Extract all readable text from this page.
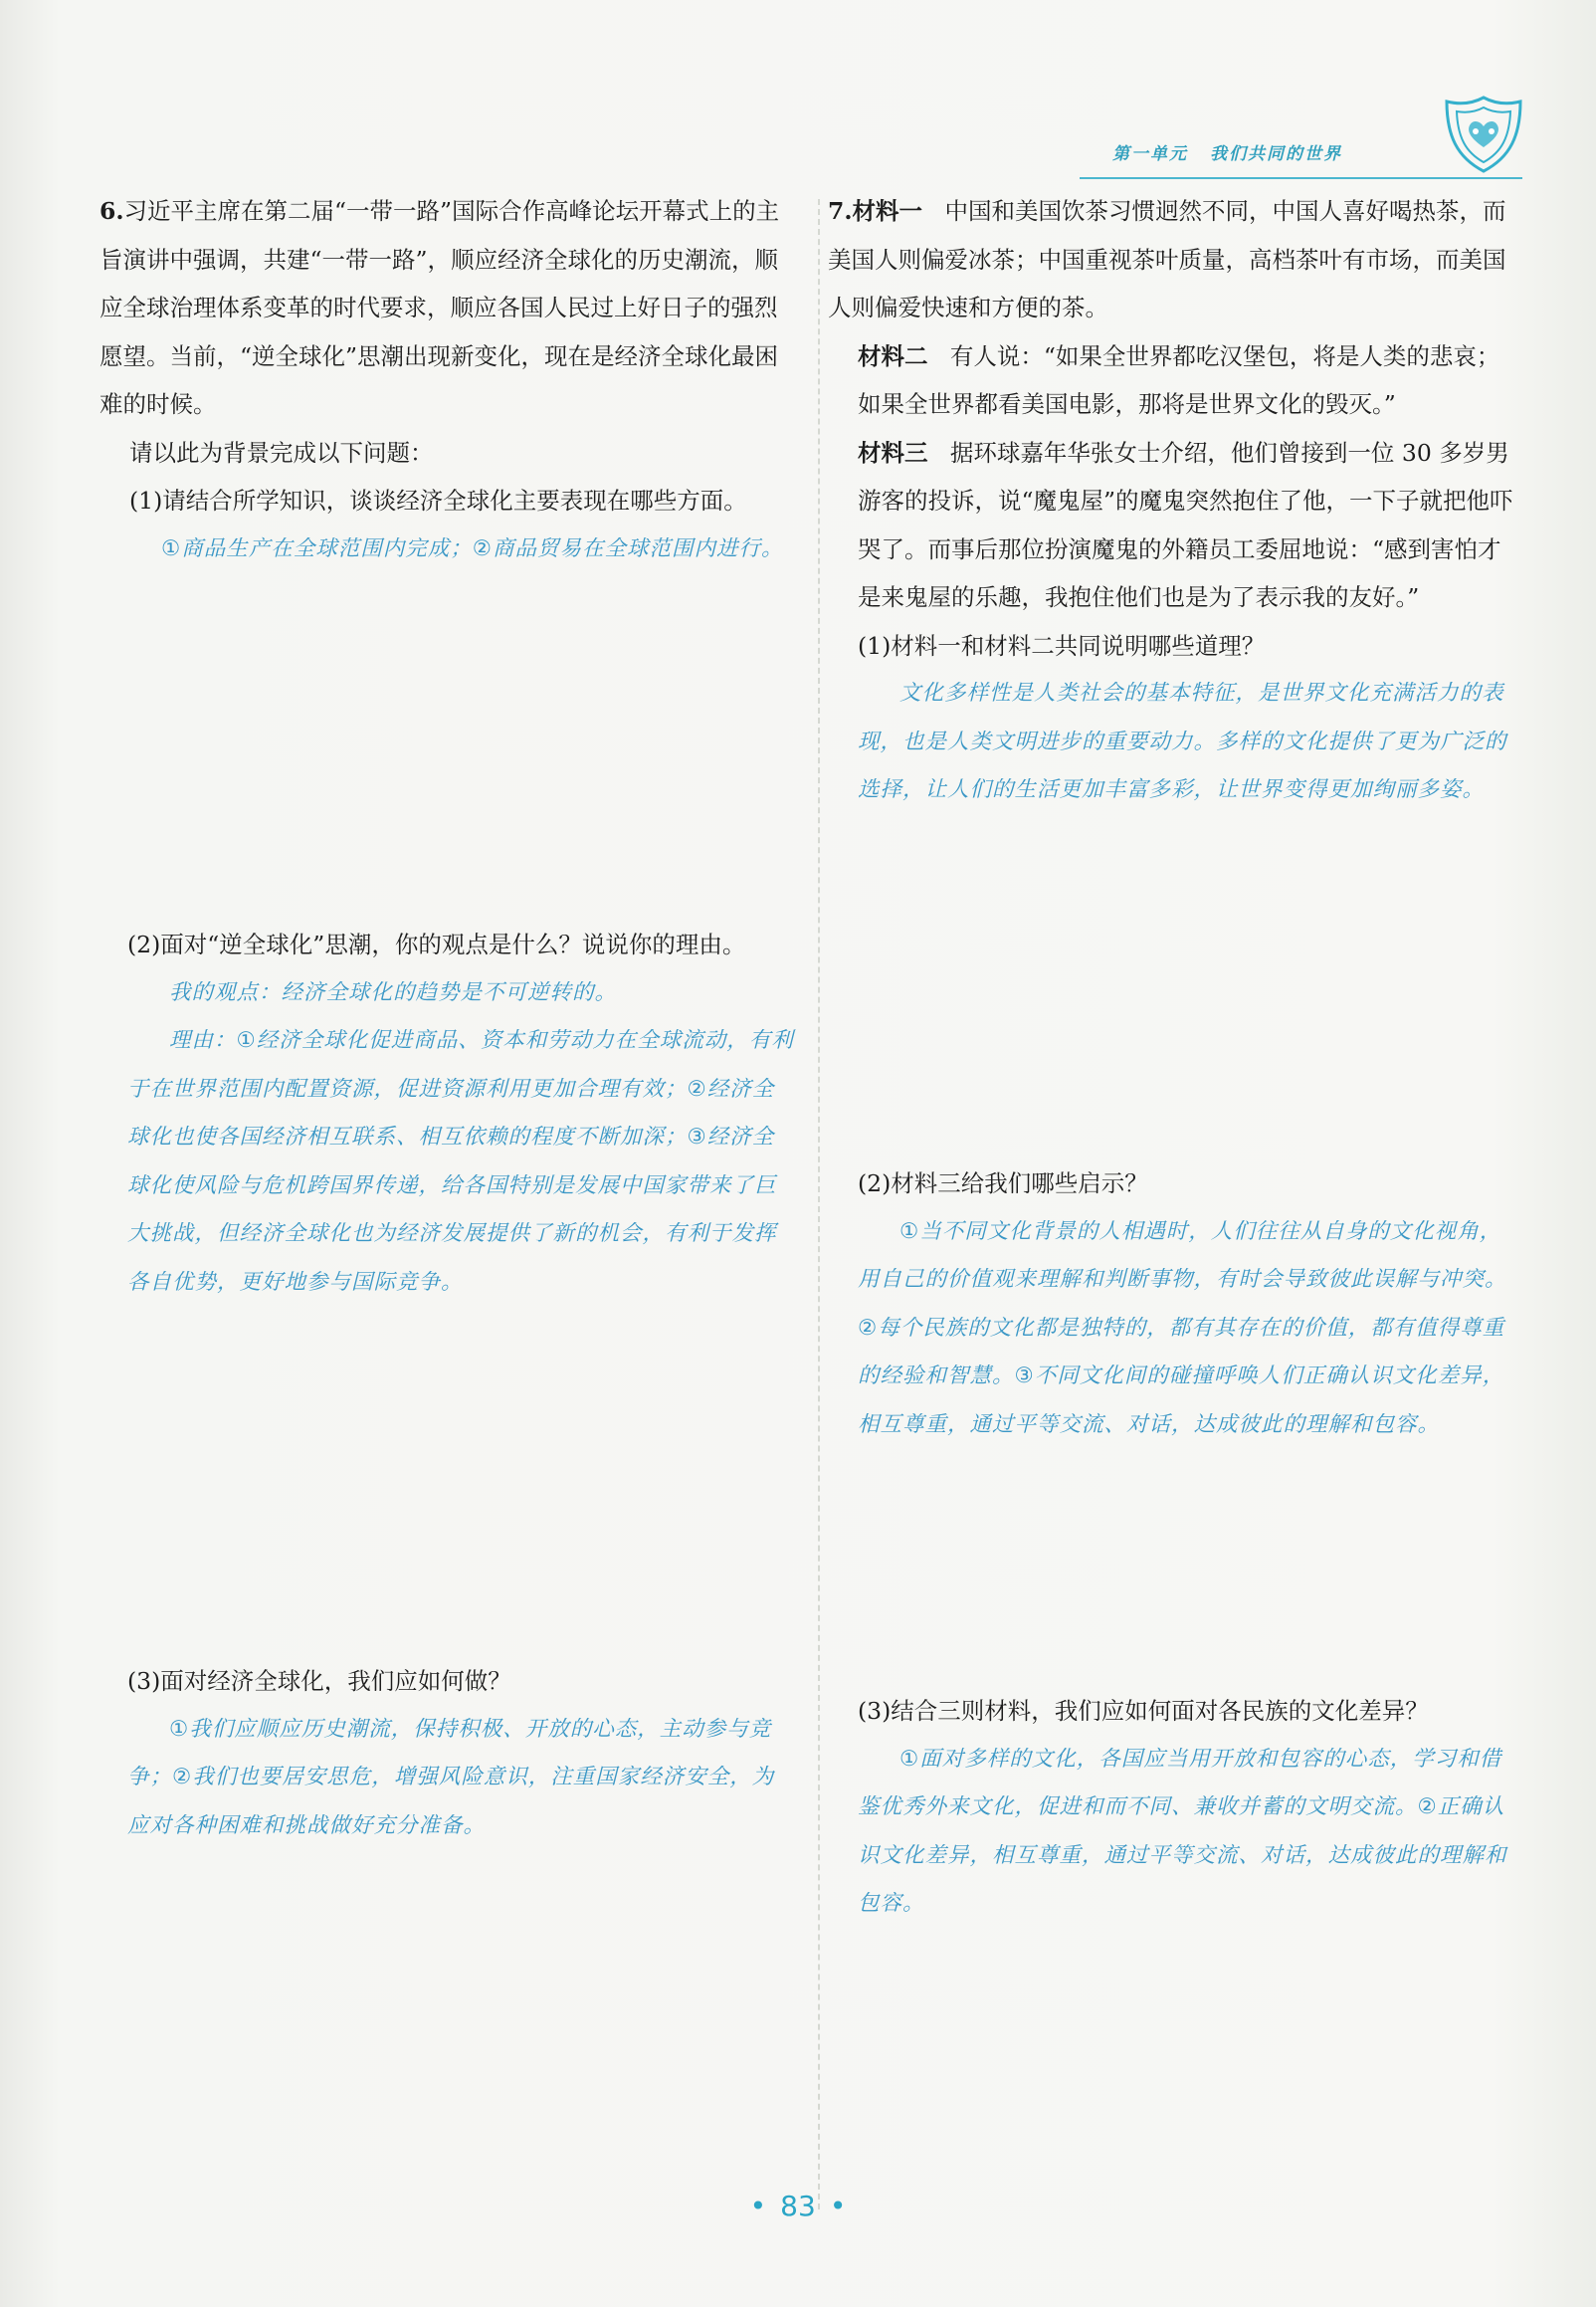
第一单元 我们共同的世界

6.习近平主席在第二届“一带一路”国际合作高峰论坛开幕式上的主旨演讲中强调，共建“一带一路”，顺应经济全球化的历史潮流，顺应全球治理体系变革的时代要求，顺应各国人民过上好日子的强烈愿望。当前，“逆全球化”思潮出现新变化，现在是经济全球化最困难的时候。

请以此为背景完成以下问题：

(1)请结合所学知识，谈谈经济全球化主要表现在哪些方面。

①商品生产在全球范围内完成；②商品贸易在全球范围内进行。

(2)面对“逆全球化”思潮，你的观点是什么？说说你的理由。

我的观点：经济全球化的趋势是不可逆转的。

理由：①经济全球化促进商品、资本和劳动力在全球流动，有利于在世界范围内配置资源，促进资源利用更加合理有效；②经济全球化也使各国经济相互联系、相互依赖的程度不断加深；③经济全球化使风险与危机跨国界传递，给各国特别是发展中国家带来了巨大挑战，但经济全球化也为经济发展提供了新的机会，有利于发挥各自优势，更好地参与国际竞争。

(3)面对经济全球化，我们应如何做？

①我们应顺应历史潮流，保持积极、开放的心态，主动参与竞争；②我们也要居安思危，增强风险意识，注重国家经济安全，为应对各种困难和挑战做好充分准备。

7.材料一 中国和美国饮茶习惯迥然不同，中国人喜好喝热茶，而美国人则偏爱冰茶；中国重视茶叶质量，高档茶叶有市场，而美国人则偏爱快速和方便的茶。

材料二 有人说：“如果全世界都吃汉堡包，将是人类的悲哀；如果全世界都看美国电影，那将是世界文化的毁灭。”

材料三 据环球嘉年华张女士介绍，他们曾接到一位 30 多岁男游客的投诉，说“魔鬼屋”的魔鬼突然抱住了他，一下子就把他吓哭了。而事后那位扮演魔鬼的外籍员工委屈地说：“感到害怕才是来鬼屋的乐趣，我抱住他们也是为了表示我的友好。”

(1)材料一和材料二共同说明哪些道理？

文化多样性是人类社会的基本特征，是世界文化充满活力的表现，也是人类文明进步的重要动力。多样的文化提供了更为广泛的选择，让人们的生活更加丰富多彩，让世界变得更加绚丽多姿。

(2)材料三给我们哪些启示？

①当不同文化背景的人相遇时，人们往往从自身的文化视角，用自己的价值观来理解和判断事物，有时会导致彼此误解与冲突。②每个民族的文化都是独特的，都有其存在的价值，都有值得尊重的经验和智慧。③不同文化间的碰撞呼唤人们正确认识文化差异，相互尊重，通过平等交流、对话，达成彼此的理解和包容。

(3)结合三则材料，我们应如何面对各民族的文化差异？

①面对多样的文化，各国应当用开放和包容的心态，学习和借鉴优秀外来文化，促进和而不同、兼收并蓄的文明交流。②正确认识文化差异，相互尊重，通过平等交流、对话，达成彼此的理解和包容。

• 83 •
